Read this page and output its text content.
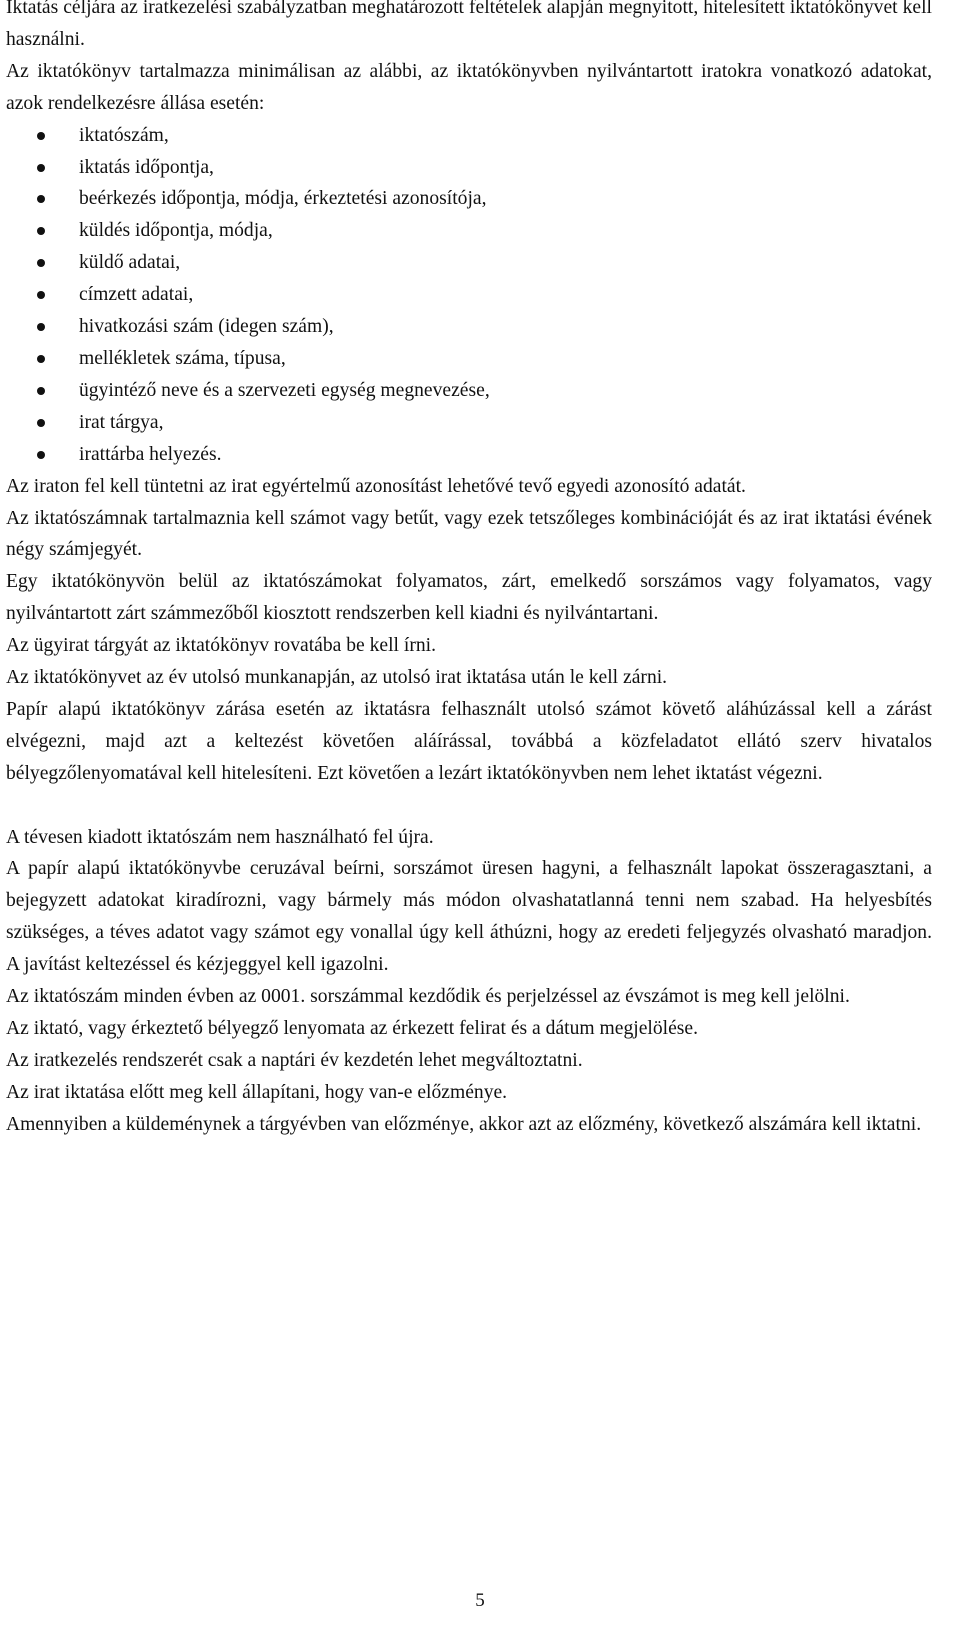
Iktatás céljára az iratkezelési szabályzatban meghatározott feltételek alapján megnyitott, hitelesített iktatókönyvet kell használni.

Az iktatókönyv tartalmazza minimálisan az alábbi, az iktatókönyvben nyilvántartott iratokra vonatkozó adatokat, azok rendelkezésre állása esetén:

iktatószám,
iktatás időpontja,
beérkezés időpontja, módja, érkeztetési azonosítója,
küldés időpontja, módja,
küldő adatai,
címzett adatai,
hivatkozási szám (idegen szám),
mellékletek száma, típusa,
ügyintéző neve és a szervezeti egység megnevezése,
irat tárgya,
irattárba helyezés.

Az iraton fel kell tüntetni az irat egyértelmű azonosítást lehetővé tevő egyedi azonosító adatát.

Az iktatószámnak tartalmaznia kell számot vagy betűt, vagy ezek tetszőleges kombinációját és az irat iktatási évének négy számjegyét.

Egy iktatókönyvön belül az iktatószámokat folyamatos, zárt, emelkedő sorszámos vagy folyamatos, vagy nyilvántartott zárt számmezőből kiosztott rendszerben kell kiadni és nyilvántartani.

Az ügyirat tárgyát az iktatókönyv rovatába be kell írni.

Az iktatókönyvet az év utolsó munkanapján, az utolsó irat iktatása után le kell zárni.

Papír alapú iktatókönyv zárása esetén az iktatásra felhasznált utolsó számot követő aláhúzással kell a zárást elvégezni, majd azt a keltezést követően aláírással, továbbá a közfeladatot ellátó szerv hivatalos bélyegzőlenyomatával kell hitelesíteni. Ezt követően a lezárt iktatókönyvben nem lehet iktatást végezni.

A tévesen kiadott iktatószám nem használható fel újra.

A papír alapú iktatókönyvbe ceruzával beírni, sorszámot üresen hagyni, a felhasznált lapokat összeragasztani, a bejegyzett adatokat kiradírozni, vagy bármely más módon olvashatatlanná tenni nem szabad. Ha helyesbítés szükséges, a téves adatot vagy számot egy vonallal úgy kell áthúzni, hogy az eredeti feljegyzés olvasható maradjon. A javítást keltezéssel és kézjeggyel kell igazolni.

Az iktatószám minden évben az 0001. sorszámmal kezdődik és perjelzéssel az évszámot is meg kell jelölni.

Az iktató, vagy érkeztető bélyegző lenyomata az érkezett felirat és a dátum megjelölése.

Az iratkezelés rendszerét csak a naptári év kezdetén lehet megváltoztatni.

Az irat iktatása előtt meg kell állapítani, hogy van-e előzménye.

Amennyiben a küldeménynek a tárgyévben van előzménye, akkor azt az előzmény, következő alszámára kell iktatni.

5
